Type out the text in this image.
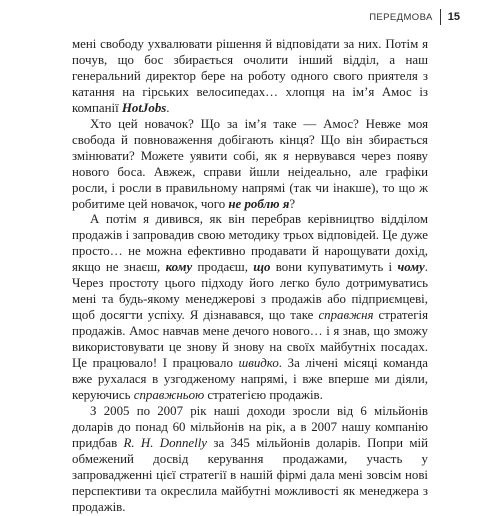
ПЕРЕДМОВА 15

мені свободу ухвалювати рішення й відповідати за них. Потім я почув, що бос збирається очолити інший відділ, а наш генеральний директор бере на роботу одного свого приятеля з катання на гірських велосипедах… хлопця на ім’я Амос із компанії HotJobs.

Хто цей новачок? Що за ім’я таке — Амос? Невже моя свобода й повноваження добігають кінця? Що він збирається змінювати? Можете уявити собі, як я нервувався через появу нового боса. Авжеж, справи йшли неідеально, але графіки росли, і росли в правильному напрямі (так чи інакше), то що ж робитиме цей новачок, чого не роблю я?

А потім я дивився, як він перебрав керівництво відділом продажів і запровадив свою методику трьох відповідей. Це дуже просто… не можна ефективно продавати й нарощувати дохід, якщо не знаєш, кому продаєш, що вони купуватимуть і чому. Через простоту цього підходу його легко було дотримуватись мені та будь-якому менеджерові з продажів або підприємцеві, щоб досягти успіху. Я дізнавався, що таке справжня стратегія продажів. Амос навчав мене дечого нового… і я знав, що зможу використовувати це знову й знову на своїх майбутніх посадах. Це працювало! І працювало швидко. За лічені місяці команда вже рухалася в узгодженому напрямі, і вже вперше ми діяли, керуючись справжньою стратегією продажів.

З 2005 по 2007 рік наші доходи зросли від 6 мільйонів доларів до понад 60 мільйонів на рік, а в 2007 нашу компанію придбав R. H. Donnelly за 345 мільйонів доларів. Попри мій обмежений досвід керування продажами, участь у запровадженні цієї стратегії в нашій фірмі дала мені зовсім нові перспективи та окреслила майбутні можливості як менеджера з продажів.
